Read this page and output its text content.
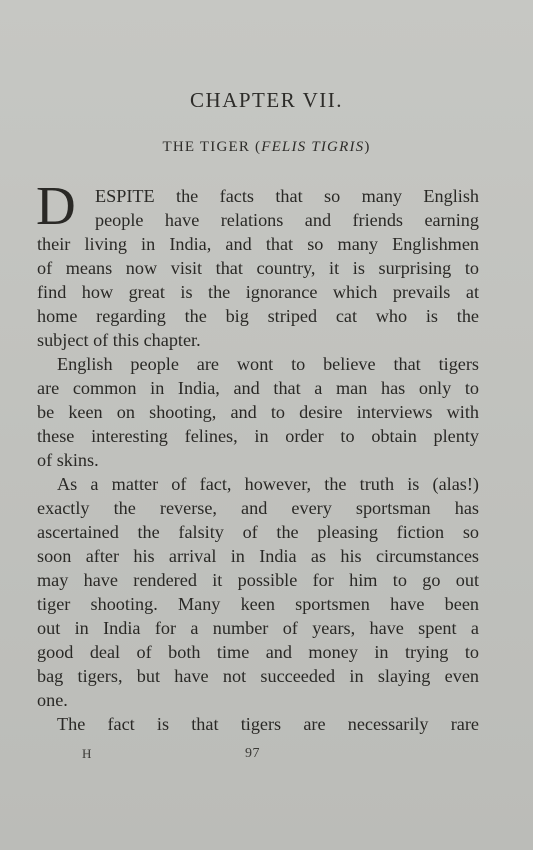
CHAPTER VII.
THE TIGER (FELIS TIGRIS)
D ESPITE the facts that so many English
people have relations and friends earning
their living in India, and that so many Englishmen
of means now visit that country, it is surprising to
find how great is the ignorance which prevails at
home regarding the big striped cat who is the
subject of this chapter.
English people are wont to believe that tigers
are common in India, and that a man has only to
be keen on shooting, and to desire interviews with
these interesting felines, in order to obtain plenty
of skins.
As a matter of fact, however, the truth is (alas!)
exactly the reverse, and every sportsman has
ascertained the falsity of the pleasing fiction so
soon after his arrival in India as his circumstances
may have rendered it possible for him to go out
tiger shooting. Many keen sportsmen have been
out in India for a number of years, have spent a
good deal of both time and money in trying to
bag tigers, but have not succeeded in slaying even
one.
The fact is that tigers are necessarily rare
H	97
